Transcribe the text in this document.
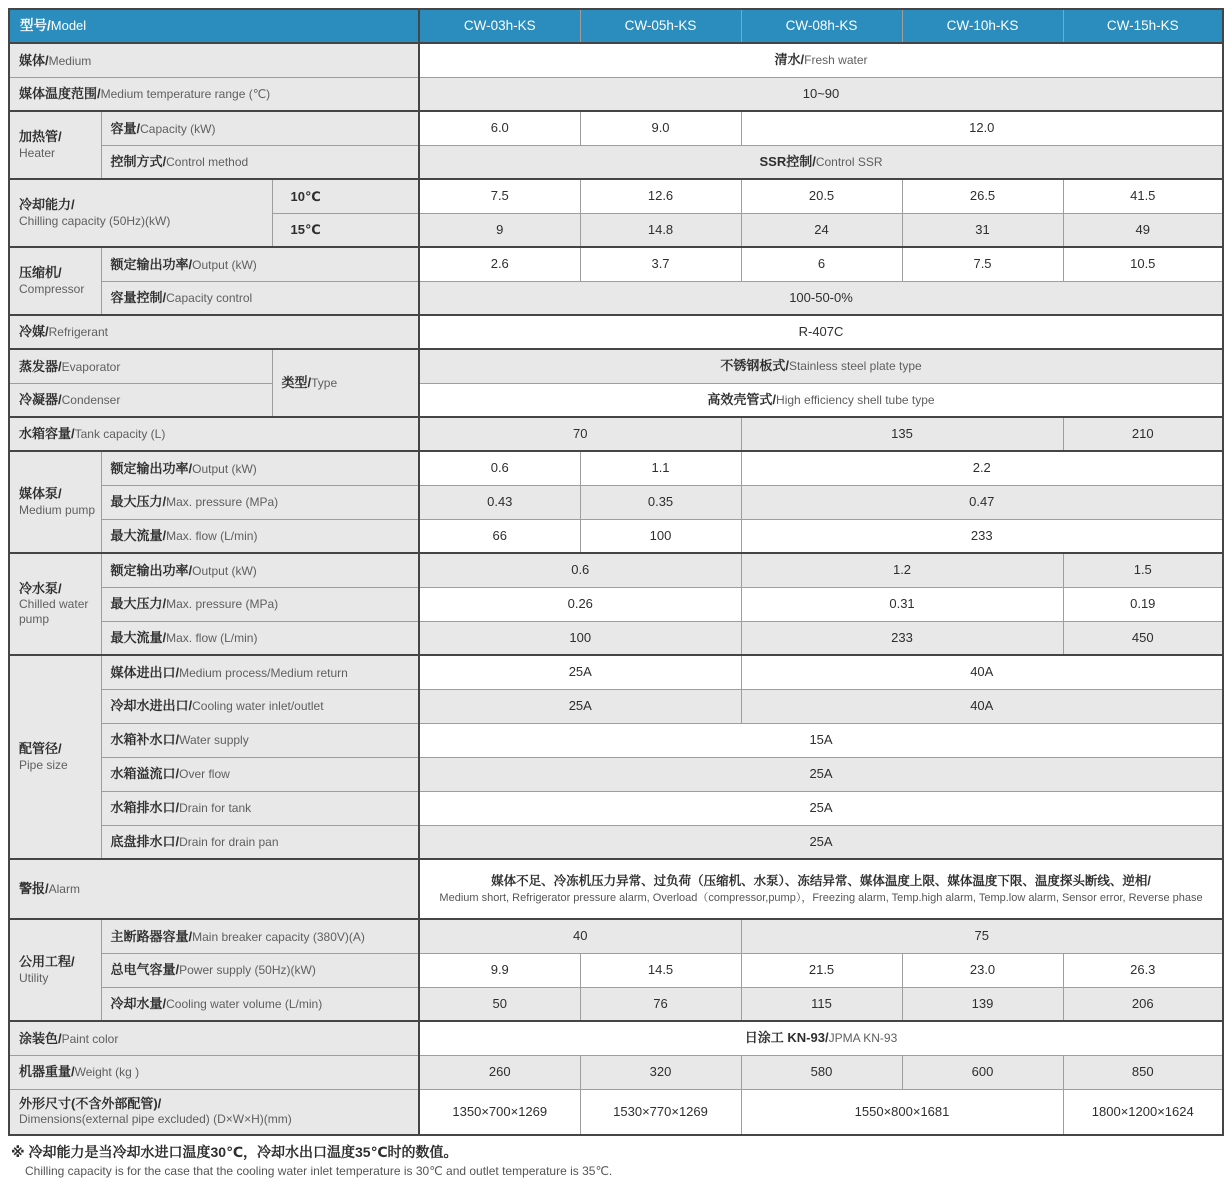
型号/Model			CW-03h-KS	CW-05h-KS	CW-08h-KS	CW-10h-KS	CW-15h-KS
媒体/Medium			清水/Fresh water				
媒体温度范围/Medium temperature range (℃)			10~90				

加热管/
Heater	容量/Capacity (kW)		6.0	9.0	12.0		
	控制方式/Control method		SSR控制/Control SSR				

冷却能力/
Chilling capacity (50Hz)(kW)		10℃	7.5	12.6	20.5	26.5	41.5
		15℃	9	14.8	24	31	49

压缩机/
Compressor	额定输出功率/Output (kW)		2.6	3.7	6	7.5	10.5
	容量控制/Capacity control		100-50-0%				
冷媒/Refrigerant			R-407C				
蒸发器/Evaporator		类型/Type	不锈钢板式/Stainless steel plate type				
冷凝器/Condenser			高效壳管式/High efficiency shell tube type				
水箱容量/Tank capacity (L)			70		135		210

媒体泵/
Medium pump	额定输出功率/Output (kW)		0.6	1.1	2.2		
	最大压力/Max. pressure (MPa)		0.43	0.35	0.47		
	最大流量/Max. flow (L/min)		66	100	233		

冷水泵/
Chilled water pump	额定输出功率/Output (kW)		0.6		1.2		1.5
	最大压力/Max. pressure (MPa)		0.26		0.31		0.19
	最大流量/Max. flow (L/min)		100		233		450

配管径/
Pipe size	媒体进出口/Medium process/Medium return		25A		40A		
	冷却水进出口/Cooling water inlet/outlet		25A		40A		
	水箱补水口/Water supply		15A				
	水箱溢流口/Over flow		25A				
	水箱排水口/Drain for tank		25A				
	底盘排水口/Drain for drain pan		25A				
警报/Alarm			媒体不足、冷冻机压力异常、过负荷（压缩机、水泵）、冻结异常、媒体温度上限、媒体温度下限、温度探头断线、逆相/
Medium short, Refrigerator pressure alarm, Overload（compressor,pump），Freezing alarm, Temp.high alarm, Temp.low alarm, Sensor error, Reverse phase				

公用工程/
Utility	主断路器容量/Main breaker capacity (380V)(A)		40		75		
	总电气容量/Power supply (50Hz)(kW)		9.9	14.5	21.5	23.0	26.3
	冷却水量/Cooling water volume (L/min)		50	76	115	139	206
涂装色/Paint color			日涂工 KN-93/JPMA KN-93				
机器重量/Weight (kg )			260	320	580	600	850

外形尺寸(不含外部配管)/
Dimensions(external pipe excluded) (D×W×H)(mm)			1350×700×1269	1530×770×1269	1550×800×1681		1800×1200×1624
※ 冷却能力是当冷却水进口温度30℃，冷却水出口温度35℃时的数值。
Chilling capacity is for the case that the cooling water inlet temperature is 30℃ and outlet temperature is 35℃.
